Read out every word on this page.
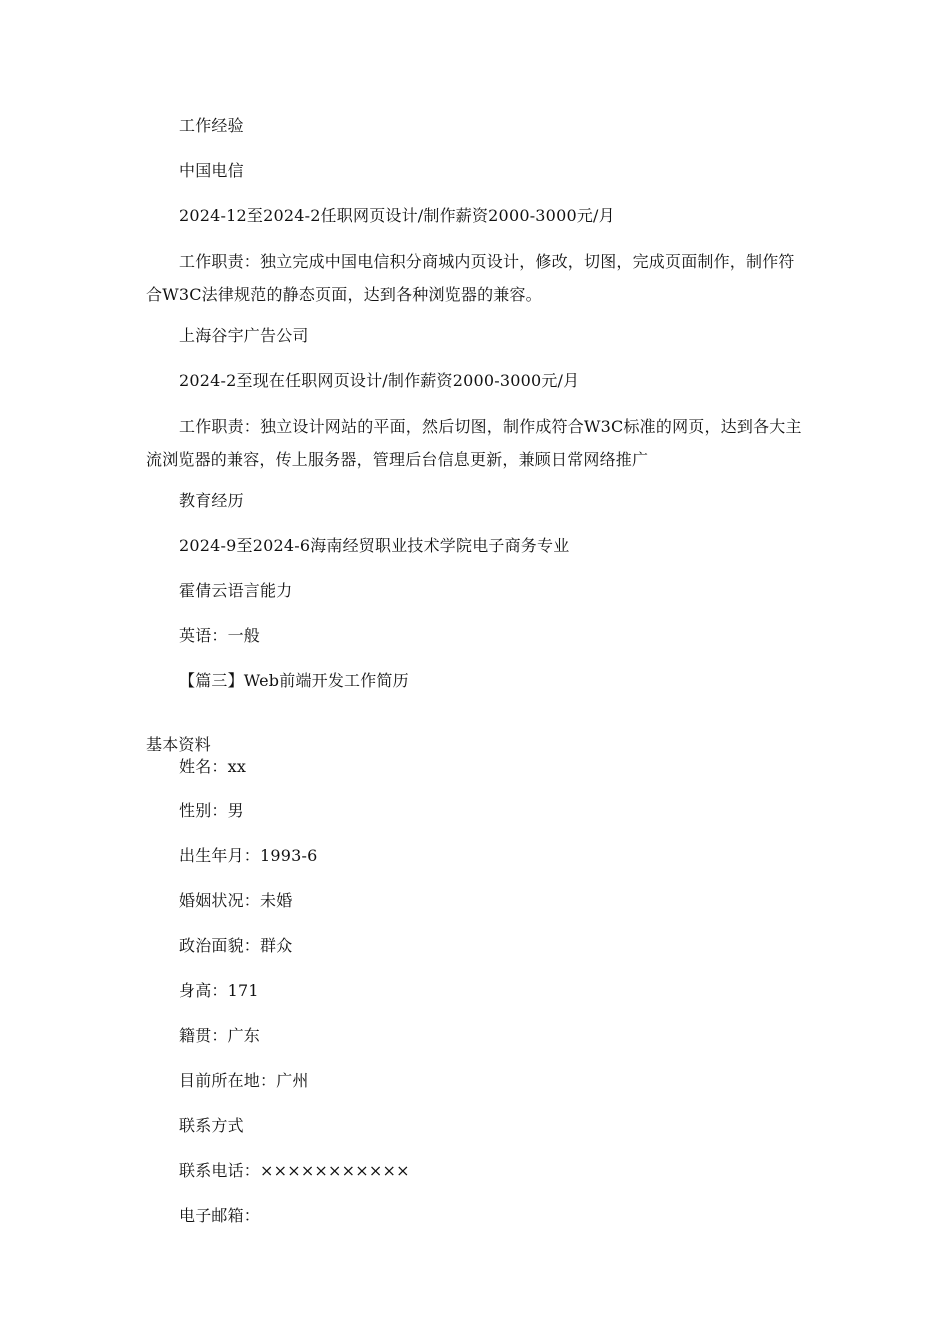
工作经验
中国电信
2024-12至2024-2任职网页设计/制作薪资2000-3000元/月
工作职责：独立完成中国电信积分商城内页设计，修改，切图，完成页面制作，制作符合W3C法律规范的静态页面，达到各种浏览器的兼容。
上海谷宇广告公司
2024-2至现在任职网页设计/制作薪资2000-3000元/月
工作职责：独立设计网站的平面，然后切图，制作成符合W3C标准的网页，达到各大主流浏览器的兼容，传上服务器，管理后台信息更新，兼顾日常网络推广
教育经历
2024-9至2024-6海南经贸职业技术学院电子商务专业
霍倩云语言能力
英语：一般
【篇三】Web前端开发工作简历
基本资料
姓名：xx
性别：男
出生年月：1993-6
婚姻状况：未婚
政治面貌：群众
身高：171
籍贯：广东
目前所在地：广州
联系方式
联系电话：×××××××××××
电子邮箱：
